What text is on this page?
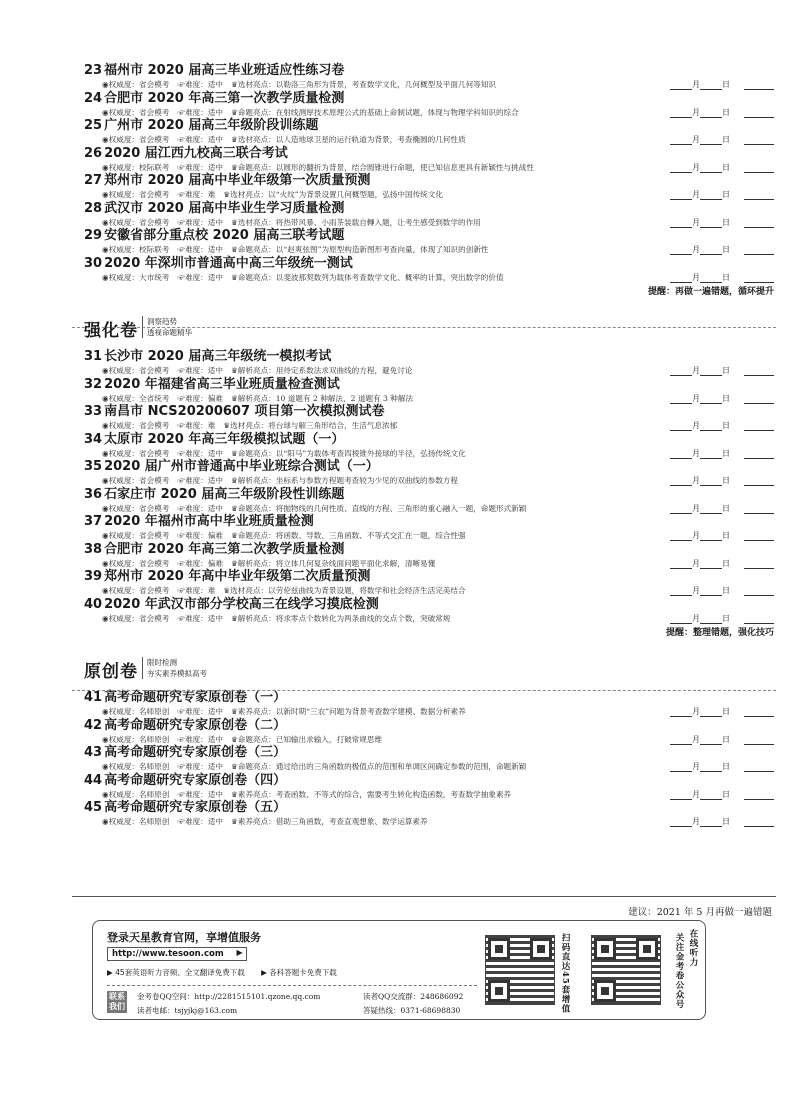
23 福州市 2020 届高三毕业班适应性练习卷
◉权威度：省会模考 ☞难度：适中 ♛选材亮点：以勒洛三角形为背景，考查数学文化，几何概型及平面几何等知识	月	日
24 合肥市 2020 年高三第一次教学质量检测
◉权威度：省会模考 ☞难度：适中 ♛命题亮点：在射线测厚技术原理公式的基础上命制试题，体现与物理学科知识的综合	月	日
25 广州市 2020 届高三年级阶段训练题
◉权威度：省会模考 ☞难度：适中 ♛选材亮点：以人造地球卫星的运行轨道为背景，考查椭圆的几何性质	月	日
26 2020 届江西九校高三联合考试
◉权威度：校际联考 ☞难度：适中 ♛命题亮点：以圆形的翻折为背景，结合圆锥进行命题，使已知信息更具有新颖性与挑战性	月	日
27 郑州市 2020 届高中毕业年级第一次质量预测
◉权威度：省会模考 ☞难度：难 ♛选材亮点：以“火纹”为背景设置几何概型题，弘扬中国传统文化	月	日
28 武汉市 2020 届高中毕业生学习质量检测
◉权威度：省会模考 ☞难度：适中 ♛选材亮点：将热带风暴、小雨茶装载自轉入题，让考生感受到数学的作用	月	日
29 安徽省部分重点校 2020 届高三联考试题
◉权威度：校际联考 ☞难度：适中 ♛命题亮点：以“赵爽弦图”为原型构造新图形考查向量，体现了知识的创新性	月	日
30 2020 年深圳市普通高中高三年级统一测试
◉权威度：大市统考 ☞难度：适中 ♛命题亮点：以斐波那契数列为载体考查数学文化、概率的计算，突出数学的价值	月	日
提醒：再做一遍错题，循环提升
强化卷 洞察趋势
透视命题精华
31 长沙市 2020 届高三年级统一模拟考试
◉权威度：省会模考 ☞难度：适中 ♛解析亮点：用待定系数法求双曲线的方程，避免讨论	月	日
32 2020 年福建省高三毕业班质量检查测试
◉权威度：全省统考 ☞难度：偏难 ♛解析亮点：10 道题有 2 种解法，2 道题有 3 种解法	月	日
33 南昌市 NCS20200607 项目第一次模拟测试卷
◉权威度：省会模考 ☞难度：难 ♛选材亮点：将台球与解三角形结合，生活气息浓郁	月	日
34 太原市 2020 年高三年级模拟试题（一）
◉权威度：省会模考 ☞难度：适中 ♛命题亮点：以“阳马”为载体考查四棱锥外接球的半径，弘扬传统文化	月	日
35 2020 届广州市普通高中毕业班综合测试（一）
◉权威度：省会模考 ☞难度：适中 ♛解析亮点：坐标系与参数方程题考查较为少见的双曲线的参数方程	月	日
36 石家庄市 2020 届高三年级阶段性训练题
◉权威度：省会模考 ☞难度：适中 ♛命题亮点：将抛物线的几何性质、直线的方程、三角形的重心融入一题，命题形式新颖	月	日
37 2020 年福州市高中毕业班质量检测
◉权威度：省会模考 ☞难度：偏难 ♛命题亮点：将函数、导数、三角函数、不等式交汇在一题，综合性强	月	日
38 合肥市 2020 年高三第二次教学质量检测
◉权威度：省会模考 ☞难度：偏难 ♛解析亮点：将立体几何复杂线面问题平面化求解，清晰易懂	月	日
39 郑州市 2020 年高中毕业年级第二次质量预测
◉权威度：省会模考 ☞难度：难 ♛选材亮点：以劳伦兹曲线为背景设题，将数学和社会经济生活完美结合	月	日
40 2020 年武汉市部分学校高三在线学习摸底检测
◉权威度：省会模考 ☞难度：适中 ♛解析亮点：将求零点个数转化为两条曲线的交点个数，突破常规	月	日
提醒：整理错题，强化技巧
原创卷 限时检测
夯实素养模拟高考
41 高考命题研究专家原创卷（一）
◉权威度：名师原创 ☞难度：适中 ♛素养亮点：以新时期“三农”问题为背景考查数学建模、数据分析素养	月	日
42 高考命题研究专家原创卷（二）
◉权威度：名师原创 ☞难度：适中 ♛命题亮点：已知输出求输入，打破常规思维	月	日
43 高考命题研究专家原创卷（三）
◉权威度：名师原创 ☞难度：适中 ♛命题亮点：通过给出的三角函数的极值点的范围和单调区间确定参数的范围，命题新颖	月	日
44 高考命题研究专家原创卷（四）
◉权威度：名师原创 ☞难度：适中 ♛素养亮点：考查函数、不等式的综合，需要考生转化构造函数，考查数学抽象素养	月	日
45 高考命题研究专家原创卷（五）
◉权威度：名师原创 ☞难度：适中 ♛素养亮点：借助三角函数，考查直观想象、数学运算素养	月	日
建议：2021 年 5 月再做一遍错题
登录天星教育官网，享增值服务
http://www.tesoon.com ▶
▶ 45套英语听力音频、全文翻译免费下载 ▶ 各科答题卡免费下载
联系我们
金考卷QQ空间：http://2281515101.qzone.qq.com
读者电邮：tsjyjkj@163.com
读者QQ交流群：248686092
答疑热线：0371-68698830	扫码直达45套增值	关注金考卷公众号 在线听力
